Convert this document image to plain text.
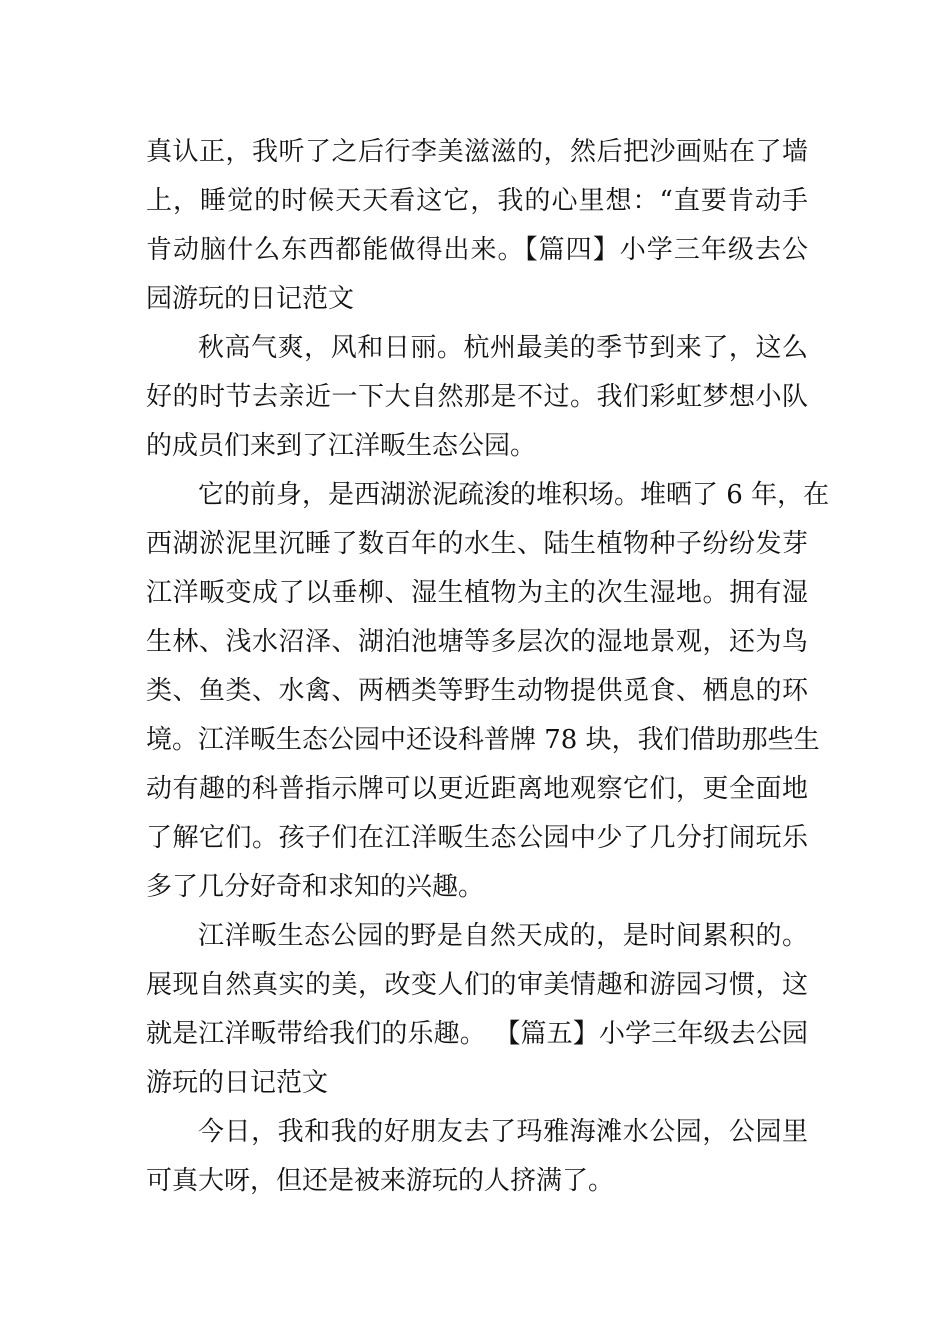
真认正，我听了之后行李美滋滋的，然后把沙画贴在了墙
上，睡觉的时候天天看这它，我的心里想：“直要肯动手
肯动脑什么东西都能做得出来。【篇四】小学三年级去公
园游玩的日记范文
秋高气爽，风和日丽。杭州最美的季节到来了，这么
好的时节去亲近一下大自然那是不过。我们彩虹梦想小队
的成员们来到了江洋畈生态公园。
它的前身，是西湖淤泥疏浚的堆积场。堆晒了 6 年，在
西湖淤泥里沉睡了数百年的水生、陆生植物种子纷纷发芽
江洋畈变成了以垂柳、湿生植物为主的次生湿地。拥有湿
生林、浅水沼泽、湖泊池塘等多层次的湿地景观，还为鸟
类、鱼类、水禽、两栖类等野生动物提供觅食、栖息的环
境。江洋畈生态公园中还设科普牌 78 块，我们借助那些生
动有趣的科普指示牌可以更近距离地观察它们，更全面地
了解它们。孩子们在江洋畈生态公园中少了几分打闹玩乐
多了几分好奇和求知的兴趣。
江洋畈生态公园的野是自然天成的，是时间累积的。
展现自然真实的美，改变人们的审美情趣和游园习惯，这
就是江洋畈带给我们的乐趣。 【篇五】小学三年级去公园
游玩的日记范文
今日，我和我的好朋友去了玛雅海滩水公园，公园里
可真大呀，但还是被来游玩的人挤满了。
